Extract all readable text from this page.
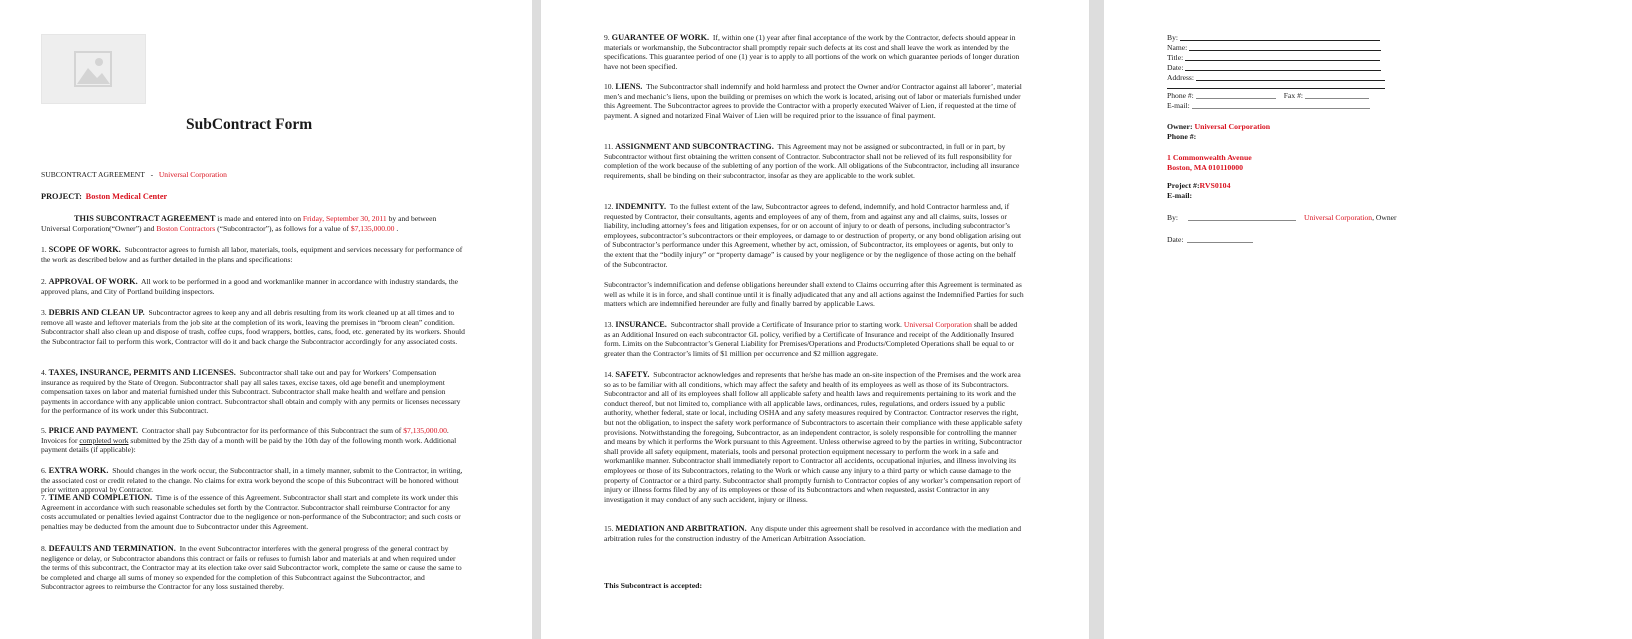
SubContract Form

SUBCONTRACT AGREEMENT - Universal Corporation

PROJECT: Boston Medical Center

THIS SUBCONTRACT AGREEMENT is made and entered into on Friday, September 30, 2011 by and between Universal Corporation(“Owner”) and Boston Contractors (“Subcontractor”), as follows for a value of $7,135,000.00 .

1. SCOPE OF WORK. Subcontractor agrees to furnish all labor, materials, tools, equipment and services necessary for performance of the work as described below and as further detailed in the plans and specifications:

2. APPROVAL OF WORK. All work to be performed in a good and workmanlike manner in accordance with industry standards, the approved plans, and City of Portland building inspectors.

3. DEBRIS AND CLEAN UP. Subcontractor agrees to keep any and all debris resulting from its work cleaned up at all times and to remove all waste and leftover materials from the job site at the completion of its work, leaving the premises in “broom clean” condition. Subcontractor shall also clean up and dispose of trash, coffee cups, food wrappers, bottles, cans, food, etc. generated by its workers. Should the Subcontractor fail to perform this work, Contractor will do it and back charge the Subcontractor accordingly for any associated costs.

4. TAXES, INSURANCE, PERMITS AND LICENSES. Subcontractor shall take out and pay for Workers’ Compensation insurance as required by the State of Oregon. Subcontractor shall pay all sales taxes, excise taxes, old age benefit and unemployment compensation taxes on labor and material furnished under this Subcontract. Subcontractor shall make health and welfare and pension payments in accordance with any applicable union contract. Subcontractor shall obtain and comply with any permits or licenses necessary for the performance of its work under this Subcontract.

5. PRICE AND PAYMENT. Contractor shall pay Subcontractor for its performance of this Subcontract the sum of $7,135,000.00. Invoices for completed work submitted by the 25th day of a month will be paid by the 10th day of the following month work. Additional payment details (if applicable):

6. EXTRA WORK. Should changes in the work occur, the Subcontractor shall, in a timely manner, submit to the Contractor, in writing, the associated cost or credit related to the change. No claims for extra work beyond the scope of this Subcontract will be honored without prior written approval by Contractor.

7. TIME AND COMPLETION. Time is of the essence of this Agreement. Subcontractor shall start and complete its work under this Agreement in accordance with such reasonable schedules set forth by the Contractor. Subcontractor shall reimburse Contractor for any costs accumulated or penalties levied against Contractor due to the negligence or non-performance of the Subcontractor; and such costs or penalties may be deducted from the amount due to Subcontractor under this Agreement.

8. DEFAULTS AND TERMINATION. In the event Subcontractor interferes with the general progress of the general contract by negligence or delay, or Subcontractor abandons this contract or fails or refuses to furnish labor and materials at and when required under the terms of this subcontract, the Contractor may at its election take over said Subcontractor work, complete the same or cause the same to be completed and charge all sums of money so expended for the completion of this Subcontract against the Subcontractor, and Subcontractor agrees to reimburse the Contractor for any loss sustained thereby.

9. GUARANTEE OF WORK. If, within one (1) year after final acceptance of the work by the Contractor, defects should appear in materials or workmanship, the Subcontractor shall promptly repair such defects at its cost and shall leave the work as intended by the specifications. This guarantee period of one (1) year is to apply to all portions of the work on which guarantee periods of longer duration have not been specified.

10. LIENS. The Subcontractor shall indemnify and hold harmless and protect the Owner and/or Contractor against all laborer’, material men’s and mechanic’s liens, upon the building or premises on which the work is located, arising out of labor or materials furnished under this Agreement. The Subcontractor agrees to provide the Contractor with a properly executed Waiver of Lien, if requested at the time of payment. A signed and notarized Final Waiver of Lien will be required prior to the issuance of final payment.

11. ASSIGNMENT AND SUBCONTRACTING. This Agreement may not be assigned or subcontracted, in full or in part, by Subcontractor without first obtaining the written consent of Contractor. Subcontractor shall not be relieved of its full responsibility for completion of the work because of the subletting of any portion of the work. All obligations of the Subcontractor, including all insurance requirements, shall be binding on their subcontractor, insofar as they are applicable to the work sublet.

12. INDEMNITY. To the fullest extent of the law, Subcontractor agrees to defend, indemnify, and hold Contractor harmless and, if requested by Contractor, their consultants, agents and employees of any of them, from and against any and all claims, suits, losses or liability, including attorney’s fees and litigation expenses, for or on account of injury to or death of persons, including subcontractor’s employees, subcontractor’s subcontractors or their employees, or damage to or destruction of property, or any bond obligation arising out of Subcontractor’s performance under this Agreement, whether by act, omission, of Subcontractor, its employees or agents, but only to the extent that the “bodily injury” or “property damage” is caused by your negligence or by the negligence of those acting on the behalf of the Subcontractor.

Subcontractor’s indemnification and defense obligations hereunder shall extend to Claims occurring after this Agreement is terminated as well as while it is in force, and shall continue until it is finally adjudicated that any and all actions against the Indemnified Parties for such matters which are indemnified hereunder are fully and finally barred by applicable Laws.

13. INSURANCE. Subcontractor shall provide a Certificate of Insurance prior to starting work. Universal Corporation shall be added as an Additional Insured on each subcontractor GL policy, verified by a Certificate of Insurance and receipt of the Additionally Insured form. Limits on the Subcontractor’s General Liability for Premises/Operations and Products/Completed Operations shall be equal to or greater than the Contractor’s limits of $1 million per occurrence and $2 million aggregate.

14. SAFETY. Subcontractor acknowledges and represents that he/she has made an on-site inspection of the Premises and the work area so as to be familiar with all conditions, which may affect the safety and health of its employees as well as those of its Subcontractors. Subcontractor and all of its employees shall follow all applicable safety and health laws and requirements pertaining to its work and the conduct thereof, but not limited to, compliance with all applicable laws, ordinances, rules, regulations, and orders issued by a public authority, whether federal, state or local, including OSHA and any safety measures required by Contractor. Contractor reserves the right, but not the obligation, to inspect the safety work performance of Subcontractors to ascertain their compliance with these applicable safety provisions. Notwithstanding the foregoing, Subcontractor, as an independent contractor, is solely responsible for controlling the manner and means by which it performs the Work pursuant to this Agreement. Unless otherwise agreed to by the parties in writing, Subcontractor shall provide all safety equipment, materials, tools and personal protection equipment necessary to perform the work in a safe and workmanlike manner. Subcontractor shall immediately report to Contractor all accidents, occupational injuries, and illness involving its employees or those of its Subcontractors, relating to the Work or which cause any injury to a third party or which cause damage to the property of Contractor or a third party. Subcontractor shall promptly furnish to Contractor copies of any worker’s compensation report of injury or illness forms filed by any of its employees or those of its Subcontractors and when requested, assist Contractor in any investigation it may conduct of any such accident, injury or illness.

15. MEDIATION AND ARBITRATION. Any dispute under this agreement shall be resolved in accordance with the mediation and arbitration rules for the construction industry of the American Arbitration Association.

This Subcontract is accepted:
By:
Name:
Title:
Date:
Address:
Phone #:	Fax #:
E-mail:

Owner: Universal Corporation
Phone #:

1 Commonwealth Avenue
Boston, MA 010110000

Project #:RVS0104
E-mail:

By:	Universal Corporation, Owner
Date:
